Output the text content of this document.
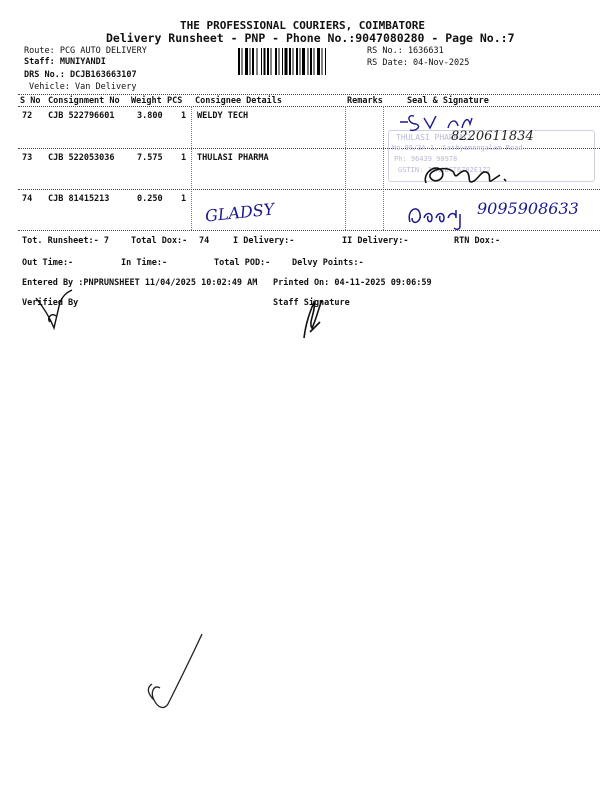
THE PROFESSIONAL COURIERS, COIMBATORE
Delivery Runsheet - PNP - Phone No.:9047080280 - Page No.:7
Route: PCG AUTO DELIVERY
Staff: MUNIYANDI
DRS No.: DCJB163663107
Vehicle: Van Delivery
RS No.: 1636631
RS Date: 04-Nov-2025
S No Consignment No Weight PCS Consignee Details	Remarks	Seal & Signature
72 CJB 522796601	3.800 1 WELDY TECH
73 CJB 522053036	7.575 1 THULASI PHARMA
74 CJB 81415213	0.250 1
THULASI PHARMACY
No.96/3A-1, Sathyamangalam Road
Ph: 96439 90978
GSTIN: 33AABCT6782E1Z2
8220611834
GLADSY	9095908633
Tot. Runsheet:- 7	Total Dox:- 74	I Delivery:-	II Delivery:-	RTN Dox:-
Out Time:-	In Time:-	Total POD:-	Delvy Points:-
Entered By :PNPRUNSHEET 11/04/2025 10:02:49 AM Printed On: 04-11-2025 09:06:59
Verified By	Staff Signature
